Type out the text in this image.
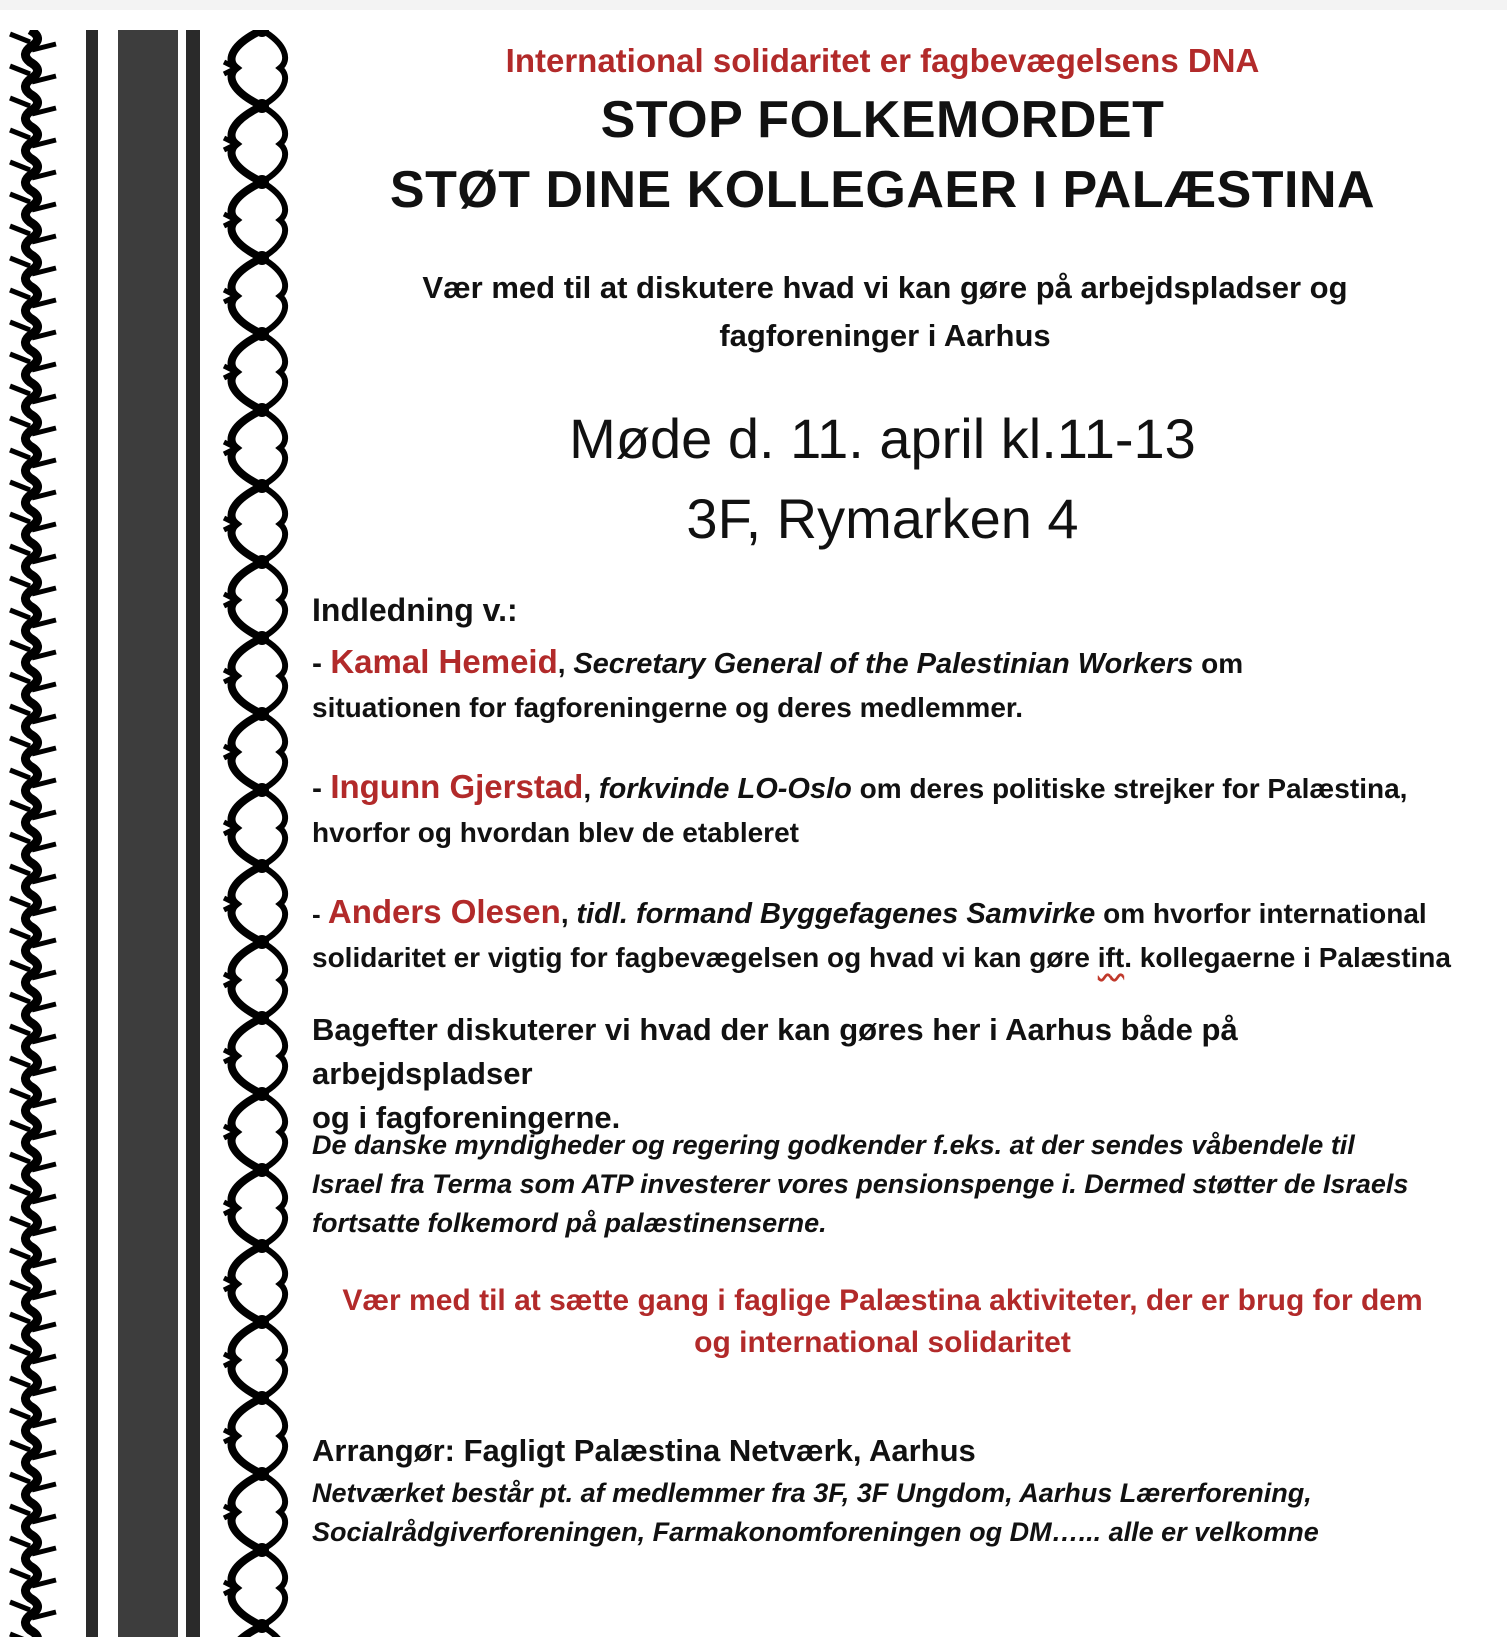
International solidaritet er fagbevægelsens DNA
STOP FOLKEMORDET
STØT DINE KOLLEGAER I PALÆSTINA
Vær med til at diskutere hvad vi kan gøre på arbejdspladser og
fagforeninger i Aarhus
Møde d. 11. april kl.11-13
3F, Rymarken 4
Indledning v.:
- Kamal Hemeid, Secretary General of the Palestinian Workers om
situationen for fagforeningerne og deres medlemmer.
- Ingunn Gjerstad, forkvinde LO-Oslo om deres politiske strejker for Palæstina,
hvorfor og hvordan blev de etableret
- Anders Olesen, tidl. formand Byggefagenes Samvirke om hvorfor international
solidaritet er vigtig for fagbevægelsen og hvad vi kan gøre ift. kollegaerne i Palæstina
Bagefter diskuterer vi hvad der kan gøres her i Aarhus både på arbejdspladser
og i fagforeningerne.
De danske myndigheder og regering godkender f.eks. at der sendes våbendele til
Israel fra Terma som ATP investerer vores pensionspenge i. Dermed støtter de Israels
fortsatte folkemord på palæstinenserne.
Vær med til at sætte gang i faglige Palæstina aktiviteter, der er brug for dem
og international solidaritet
Arrangør: Fagligt Palæstina Netværk, Aarhus
Netværket består pt. af medlemmer fra 3F, 3F Ungdom, Aarhus Lærerforening,
Socialrådgiverforeningen, Farmakonomforeningen og DM…... alle er velkomne
